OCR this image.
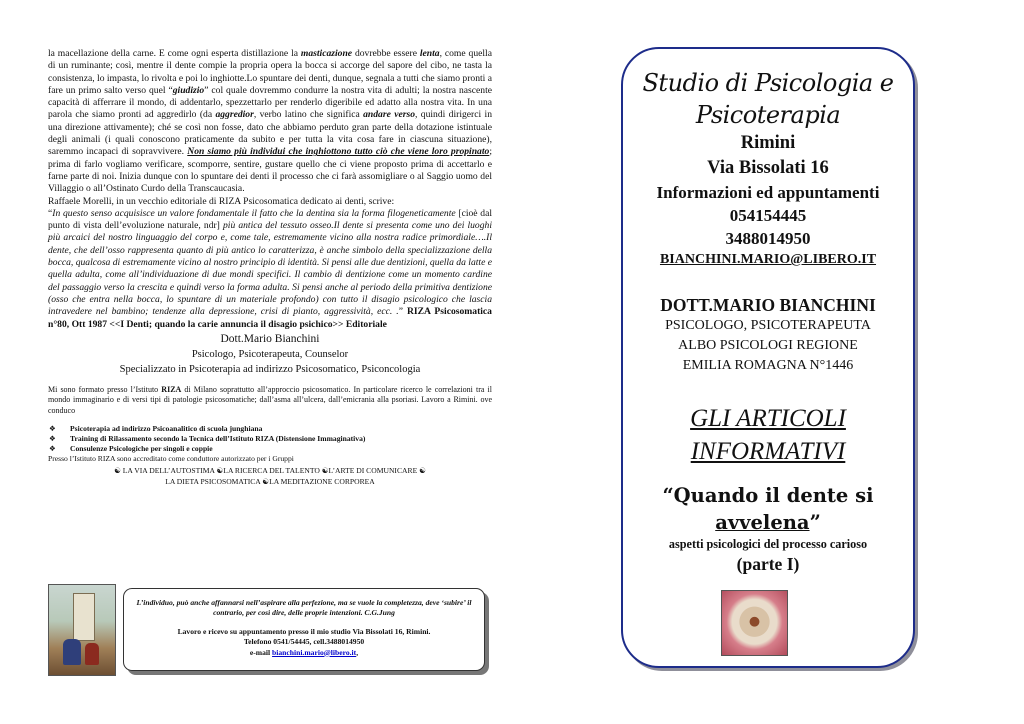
la macellazione della carne. E come ogni esperta distillazione la masticazione dovrebbe essere lenta, come quella di un ruminante; così, mentre il dente compie la propria opera la bocca si accorge del sapore del cibo, ne tasta la consistenza, lo impasta, lo rivolta e poi lo inghiotte.Lo spuntare dei denti, dunque, segnala a tutti che siamo pronti a fare un primo salto verso quel “giudizio” col quale dovremmo condurre la nostra vita di adulti; la nostra nascente capacità di afferrare il mondo, di addentarlo, spezzettarlo per renderlo digeribile ed adatto alla nostra vita. In una parola che siamo pronti ad aggredirlo (da aggredior, verbo latino che significa andare verso, quindi dirigerci in una direzione attivamente); ché se così non fosse, dato che abbiamo perduto gran parte della dotazione istintuale degli animali (i quali conoscono praticamente da subito e per tutta la vita cosa fare in ciascuna situazione), saremmo incapaci di sopravvivere. Non siamo più individui che inghiottono tutto ciò che viene loro propinato; prima di farlo vogliamo verificare, scomporre, sentire, gustare quello che ci viene proposto prima di accettarlo e farne parte di noi. Inizia dunque con lo spuntare dei denti il processo che ci farà assomigliare o al Saggio uomo del Villaggio o all’Ostinato Curdo della Transcaucasia.

Raffaele Morelli, in un vecchio editoriale di RIZA Psicosomatica dedicato ai denti, scrive:

“In questo senso acquisisce un valore fondamentale il fatto che la dentina sia la forma filogeneticamente [cioè dal punto di vista dell’evoluzione naturale, ndr] più antica del tessuto osseo.Il dente si presenta come uno dei luoghi più arcaici del nostro linguaggio del corpo e, come tale, estremamente vicino alla nostra radice primordiale….Il dente, che dell’osso rappresenta quanto di più antico lo caratterizza, è anche simbolo della specializzazione della bocca, qualcosa di estremamente vicino al nostro principio di identità. Si pensi alle due dentizioni, quella da latte e quella adulta, come all’individuazione di due mondi specifici. Il cambio di dentizione come un momento cardine del passaggio verso la crescita e quindi verso la forma adulta. Si pensi anche al periodo della primitiva dentizione (osso che entra nella bocca, lo spuntare di un materiale profondo) con tutto il disagio psicologico che lascia intravedere nel bambino; tendenze alla depressione, crisi di pianto, aggressività, ecc. .” RIZA Psicosomatica n°80, Ott 1987 <<I Denti; quando la carie annuncia il disagio psichico>> Editoriale

Dott.Mario Bianchini
Psicologo, Psicoterapeuta, Counselor
Specializzato in Psicoterapia ad indirizzo Psicosomatico, Psiconcologia
Mi sono formato presso l’Istituto RIZA di Milano soprattutto all’approccio psicosomatico. In particolare ricerco le correlazioni tra il mondo immaginario e di versi tipi di patologie psicosomatiche; dall’asma all’ulcera, dall’emicrania alla psoriasi. Lavoro a Rimini. ove conduco
❖ Psicoterapia ad indirizzo Psicoanalitico di scuola junghiana
❖ Training di Rilassamento secondo la Tecnica dell’Istituto RIZA (Distensione Immaginativa)
❖ Consulenze Psicologiche per singoli e coppie
Presso l’Istituto RIZA sono accreditato come conduttore autorizzato per i Gruppi
☯ LA VIA DELL’AUTOSTIMA ☯LA RICERCA DEL TALENTO ☯L’ARTE DI COMUNICARE ☯
LA DIETA PSICOSOMATICA ☯LA MEDITAZIONE CORPOREA
L’individuo, può anche affannarsi nell’aspirare alla perfezione, ma se vuole la completezza, deve ‘subire’ il contrario, per così dire, delle proprie intenzioni. C.G.Jung
Lavoro e ricevo su appuntamento presso il mio studio Via Bissolati 16, Rimini.
Telefono 0541/54445, cell.3488014950
e-mail bianchini.mario@libero.it,
Studio di Psicologia e
Psicoterapia
Rimini
Via Bissolati 16
Informazioni ed appuntamenti
054154445
3488014950
BIANCHINI.MARIO@LIBERO.IT
DOTT.MARIO BIANCHINI
PSICOLOGO, PSICOTERAPEUTA
ALBO PSICOLOGI REGIONE
EMILIA ROMAGNA N°1446
GLI ARTICOLI
INFORMATIVI
“Quando il dente si
avvelena”
aspetti psicologici del processo carioso
(parte I)
